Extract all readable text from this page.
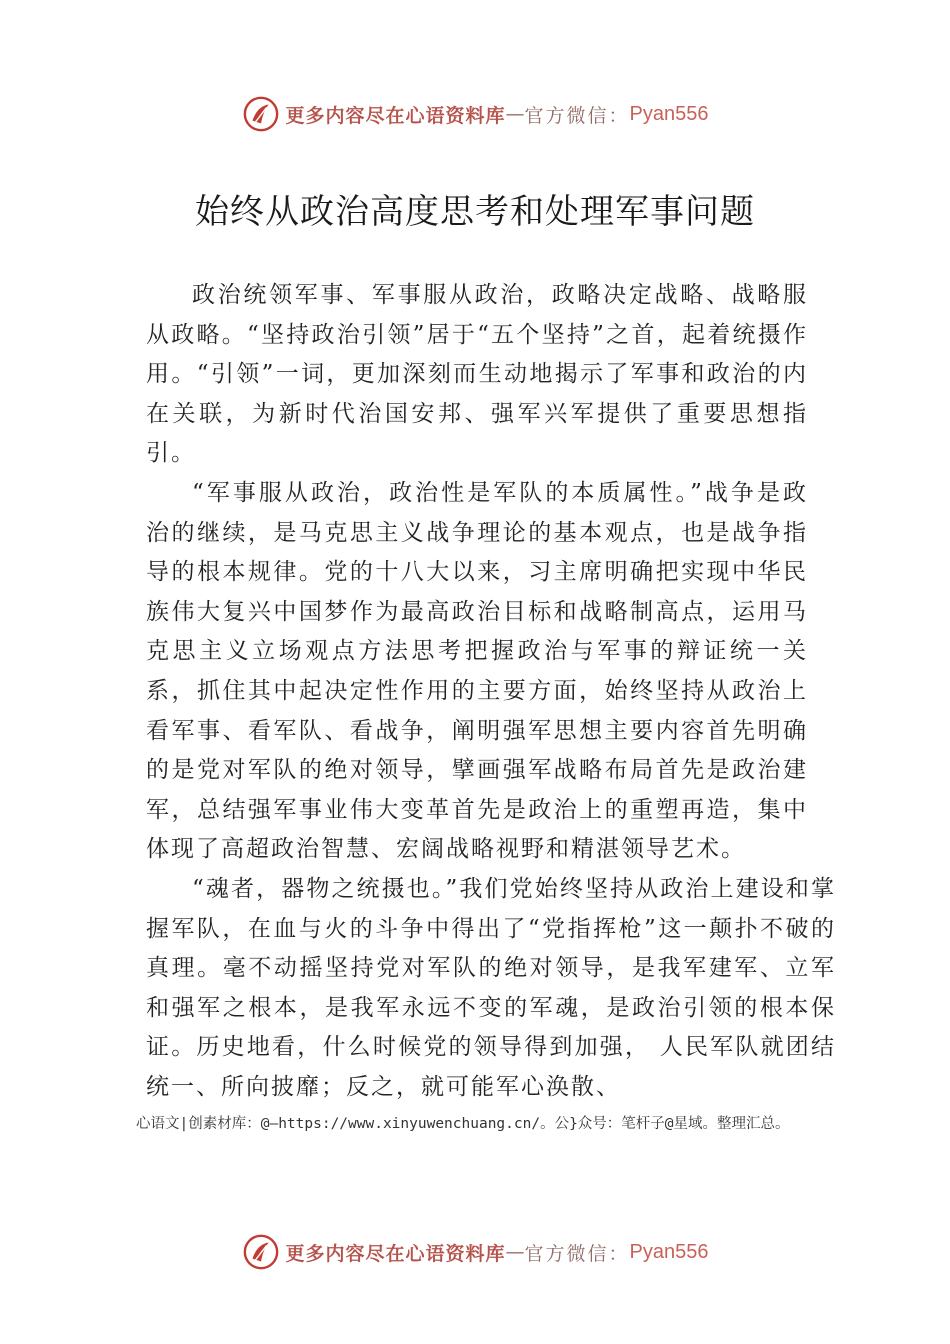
更多内容尽在心语资料库 — 官方微信： Pyan556
始终从政治高度思考和处理军事问题

政治统领军事、军事服从政治，政略决定战略、战略服从政略。“坚持政治引领”居于“五个坚持”之首，起着统摄作用。“引领”一词，更加深刻而生动地揭示了军事和政治的内在关联，为新时代治国安邦、强军兴军提供了重要思想指引。

“军事服从政治，政治性是军队的本质属性。”战争是政治的继续，是马克思主义战争理论的基本观点，也是战争指导的根本规律。党的十八大以来，习主席明确把实现中华民族伟大复兴中国梦作为最高政治目标和战略制高点，运用马克思主义立场观点方法思考把握政治与军事的辩证统一关系，抓住其中起决定性作用的主要方面，始终坚持从政治上看军事、看军队、看战争，阐明强军思想主要内容首先明确的是党对军队的绝对领导，擘画强军战略布局首先是政治建军，总结强军事业伟大变革首先是政治上的重塑再造，集中体现了高超政治智慧、宏阔战略视野和精湛领导艺术。

“魂者，器物之统摄也。”我们党始终坚持从政治上建设和掌握军队，在血与火的斗争中得出了“党指挥枪”这一颠扑不破的真理。毫不动摇坚持党对军队的绝对领导，是我军建军、立军和强军之根本，是我军永远不变的军魂，是政治引领的根本保证。历史地看，什么时候党的领导得到加强， 人民军队就团结统一、所向披靡；反之，就可能军心涣散、

心语文|创素材库：@—https://www.xinyuwenchuang.cn/。公}众号：笔杆子@星域。整理汇总。

更多内容尽在心语资料库 — 官方微信： Pyan556
